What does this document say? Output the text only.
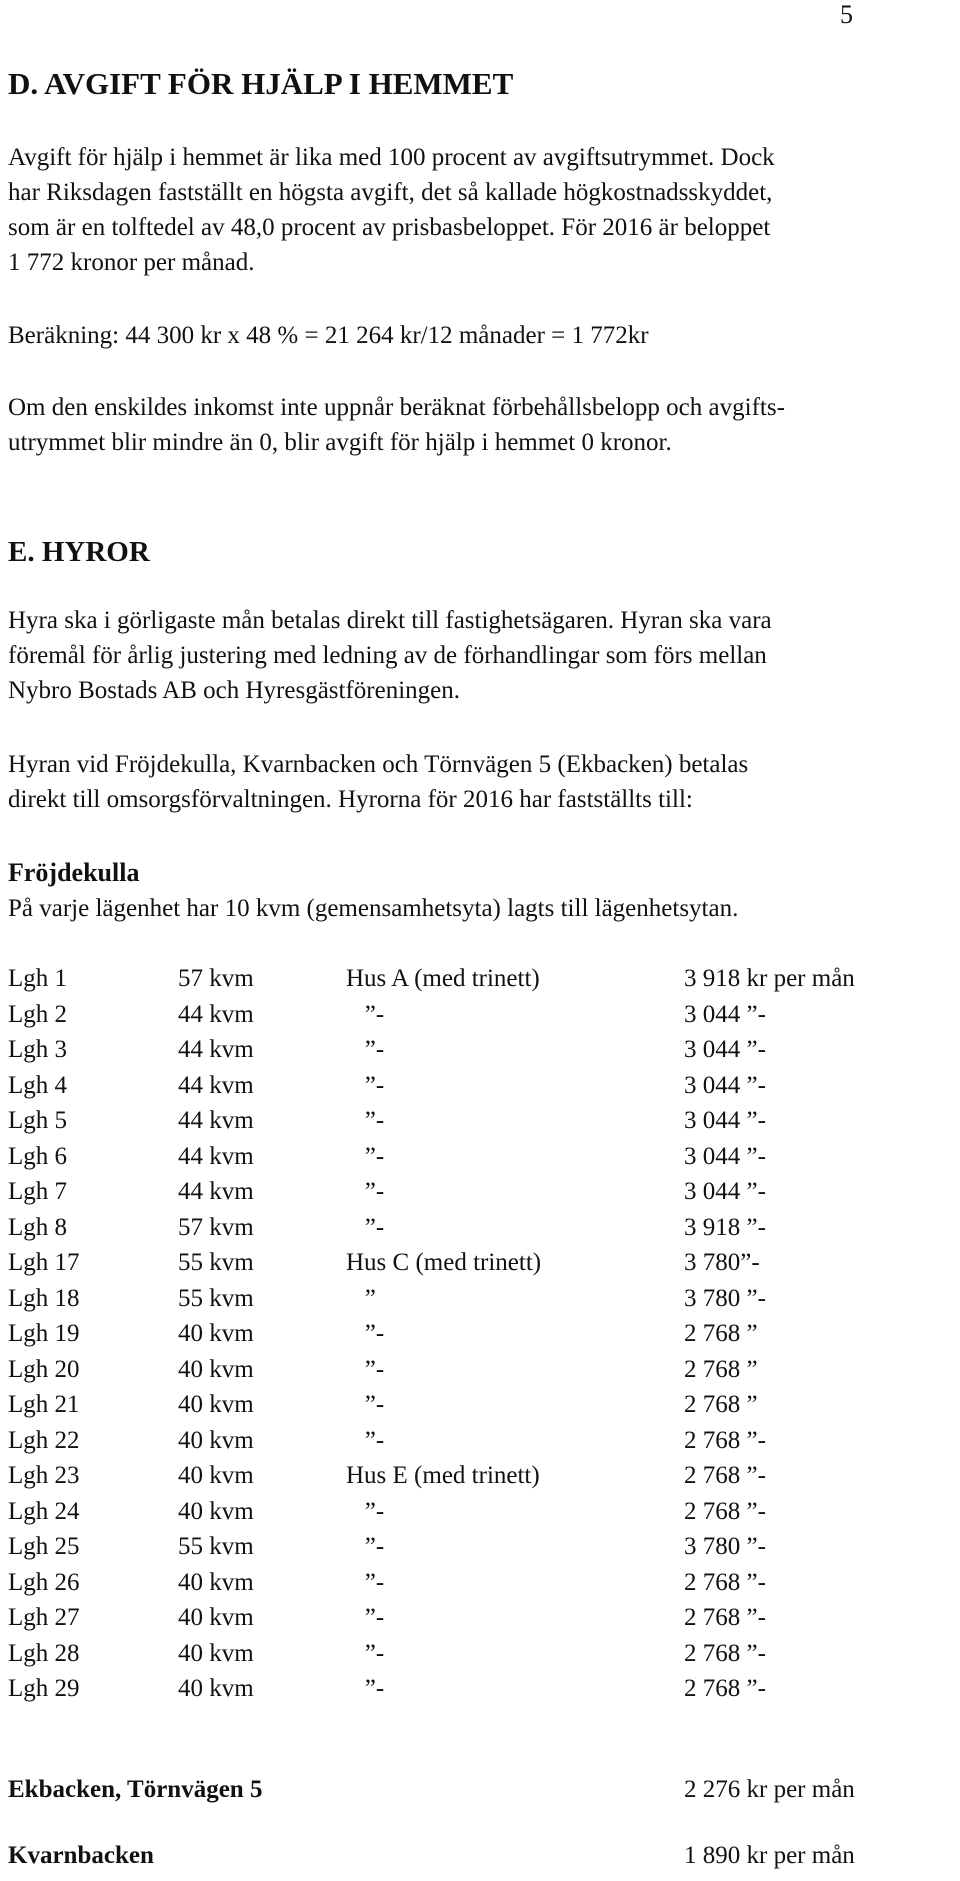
5
D. AVGIFT FÖR HJÄLP I HEMMET
Avgift för hjälp i hemmet är lika med 100 procent av avgiftsutrymmet. Dock
har Riksdagen fastställt en högsta avgift, det så kallade högkostnadsskyddet,
som är en tolftedel av 48,0 procent av prisbasbeloppet. För 2016 är beloppet
1 772 kronor per månad.
Beräkning: 44 300 kr x 48 % = 21 264 kr/12 månader = 1 772kr
Om den enskildes inkomst inte uppnår beräknat förbehållsbelopp och avgifts-
utrymmet blir mindre än 0, blir avgift för hjälp i hemmet 0 kronor.
E. HYROR
Hyra ska i görligaste mån betalas direkt till fastighetsägaren. Hyran ska vara
föremål för årlig justering med ledning av de förhandlingar som förs mellan
Nybro Bostads AB och Hyresgästföreningen.
Hyran vid Fröjdekulla, Kvarnbacken och Törnvägen 5 (Ekbacken) betalas
direkt till omsorgsförvaltningen. Hyrorna för 2016 har fastställts till:
Fröjdekulla
På varje lägenhet har 10 kvm (gemensamhetsyta) lagts till lägenhetsytan.
Lgh 1	57 kvm	Hus A (med trinett)	3 918 kr per mån
Lgh 2	44 kvm	”-	3 044 ”-
Lgh 3	44 kvm	”-	3 044 ”-
Lgh 4	44 kvm	”-	3 044 ”-
Lgh 5	44 kvm	”-	3 044 ”-
Lgh 6	44 kvm	”-	3 044 ”-
Lgh 7	44 kvm	”-	3 044 ”-
Lgh 8	57 kvm	”-	3 918 ”-
Lgh 17	55 kvm	Hus C (med trinett)	3 780”-
Lgh 18	55 kvm	”	3 780 ”-
Lgh 19	40 kvm	”-	2 768 ”
Lgh 20	40 kvm	”-	2 768 ”
Lgh 21	40 kvm	”-	2 768 ”
Lgh 22	40 kvm	”-	2 768 ”-
Lgh 23	40 kvm	Hus E (med trinett)	2 768 ”-
Lgh 24	40 kvm	”-	2 768 ”-
Lgh 25	55 kvm	”-	3 780 ”-
Lgh 26	40 kvm	”-	2 768 ”-
Lgh 27	40 kvm	”-	2 768 ”-
Lgh 28	40 kvm	”-	2 768 ”-
Lgh 29	40 kvm	”-	2 768 ”-
Ekbacken, Törnvägen 5	2 276 kr per mån
Kvarnbacken	1 890 kr per mån
